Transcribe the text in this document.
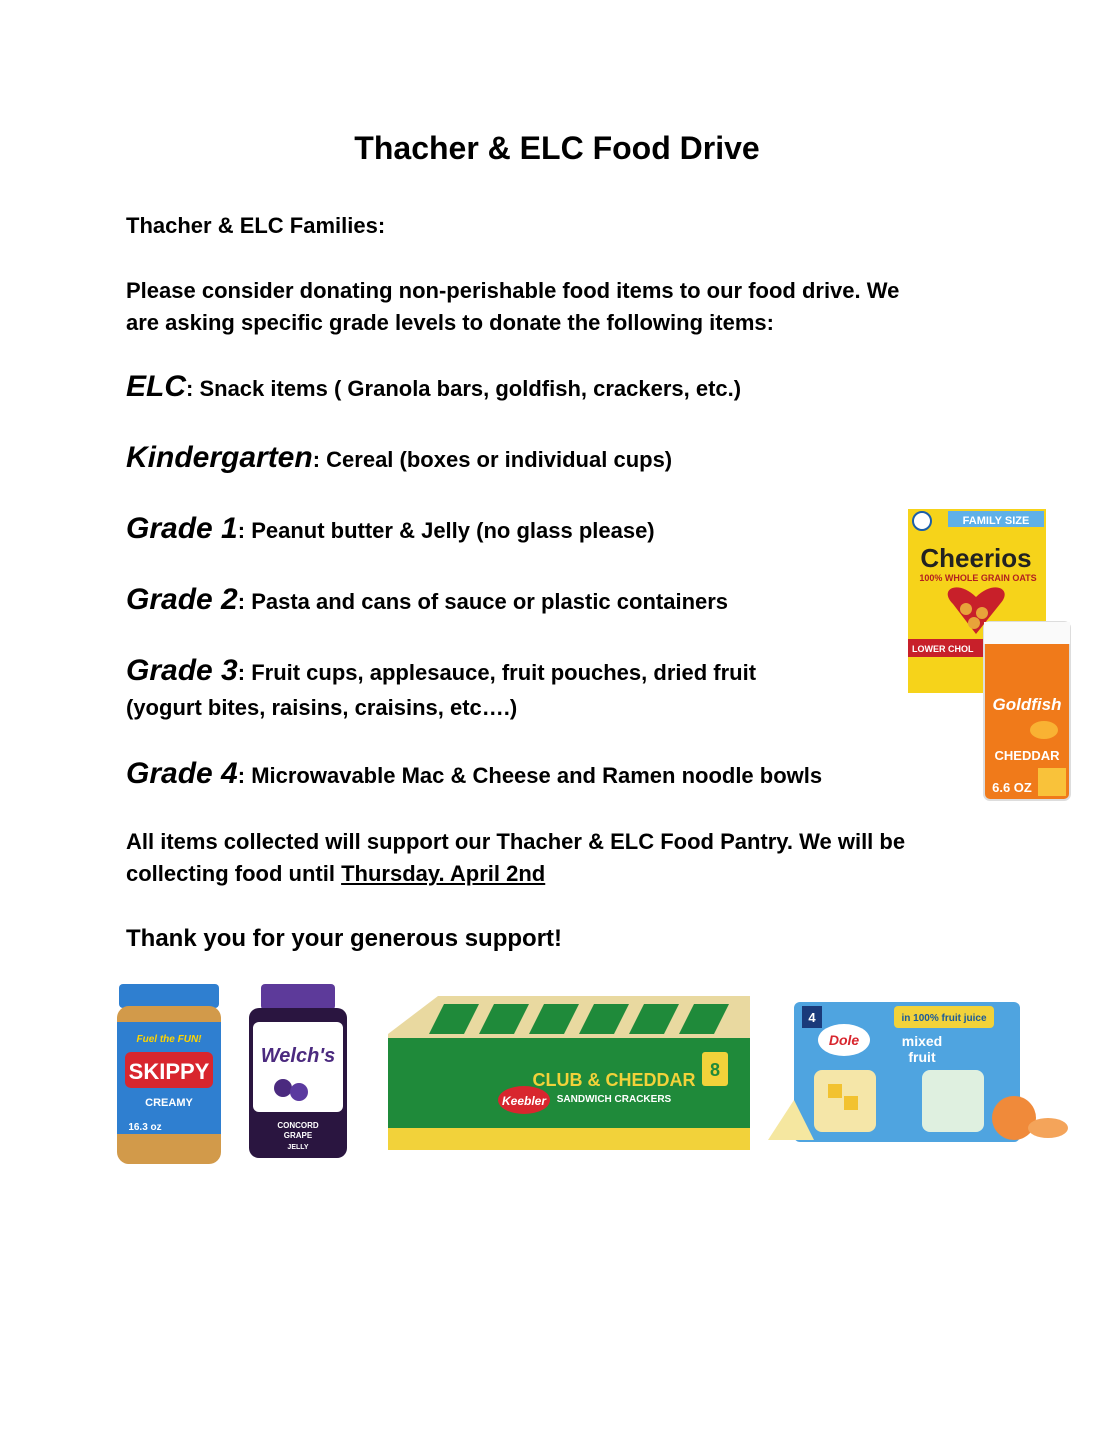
Thacher & ELC Food Drive

Thacher & ELC Families:

Please consider donating non-perishable food items to our food drive. We

are asking specific grade levels to donate the following items:

ELC: Snack items ( Granola bars, goldfish, crackers, etc.)

Kindergarten: Cereal (boxes or individual cups)

Grade 1: Peanut butter & Jelly (no glass please)

Grade 2: Pasta and cans of sauce or plastic containers

Grade 3: Fruit cups, applesauce, fruit pouches, dried fruit

(yogurt bites, raisins, craisins, etc….)

Grade 4: Microwavable Mac & Cheese and Ramen noodle bowls

All items collected will support our Thacher & ELC Food Pantry. We will be

collecting food until Thursday. April 2nd

Thank you for your generous support!

FAMILY SIZE
Cheerios
100% WHOLE GRAIN OATS
LOWER CHOL
Goldfish
CHEDDAR
6.6 OZ
Fuel the FUN!
SKIPPY
CREAMY
16.3 oz
Welch's
CONCORD
GRAPE
JELLY
Keebler
CLUB & CHEDDAR
SANDWICH CRACKERS
8
in 100% fruit juice
4
Dole	mixed
fruit
